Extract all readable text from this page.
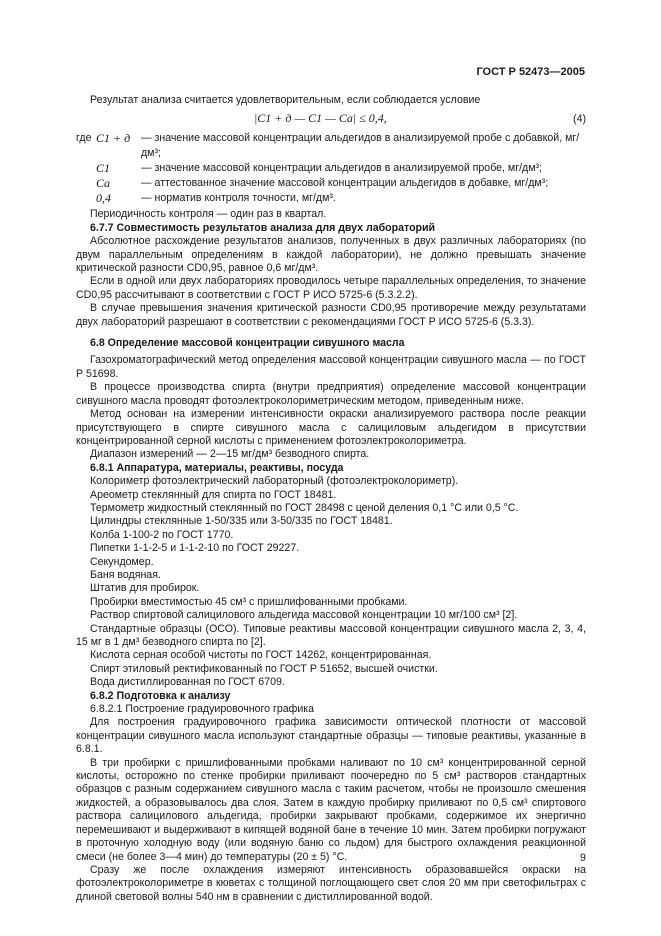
ГОСТ Р 52473—2005

Результат анализа считается удовлетворительным, если соблюдается условие

|C1 + д — C1 — Cа| ≤ 0,4,	(4)
где C1 + д	— значение массовой концентрации альдегидов в анализируемой пробе с добавкой, мг/дм³;
C1	— значение массовой концентрации альдегидов в анализируемой пробе, мг/дм³;
Cа	— аттестованное значение массовой концентрации альдегидов в добавке, мг/дм³;
0,4	— норматив контроля точности, мг/дм³.

Периодичность контроля — один раз в квартал.

6.7.7 Совместимость результатов анализа для двух лабораторий

Абсолютное расхождение результатов анализов, полученных в двух различных лабораториях (по двум параллельным определениям в каждой лаборатории), не должно превышать значение критической разности CD0,95, равное 0,6 мг/дм³.

Если в одной или двух лабораториях проводилось четыре параллельных определения, то значение CD0,95 рассчитывают в соответствии с ГОСТ Р ИСО 5725-6 (5.3.2.2).

В случае превышения значения критической разности CD0,95 противоречие между результатами двух лабораторий разрешают в соответствии с рекомендациями ГОСТ Р ИСО 5725-6 (5.3.3).

6.8 Определение массовой концентрации сивушного масла

Газохроматографический метод определения массовой концентрации сивушного масла — по ГОСТ Р 51698.

В процессе производства спирта (внутри предприятия) определение массовой концентрации сивушного масла проводят фотоэлектроколориметрическим методом, приведенным ниже.

Метод основан на измерении интенсивности окраски анализируемого раствора после реакции присутствующего в спирте сивушного масла с салициловым альдегидом в присутствии концентрированной серной кислоты с применением фотоэлектроколориметра.

Диапазон измерений — 2—15 мг/дм³ безводного спирта.

6.8.1 Аппаратура, материалы, реактивы, посуда

Колориметр фотоэлектрический лабораторный (фотоэлектроколориметр).

Ареометр стеклянный для спирта по ГОСТ 18481.

Термометр жидкостный стеклянный по ГОСТ 28498 с ценой деления 0,1 °С или 0,5 °С.

Цилиндры стеклянные 1-50/335 или 3-50/335 по ГОСТ 18481.

Колба 1-100-2 по ГОСТ 1770.

Пипетки 1-1-2-5 и 1-1-2-10 по ГОСТ 29227.

Секундомер.

Баня водяная.

Штатив для пробирок.

Пробирки вместимостью 45 см³ с пришлифованными пробками.

Раствор спиртовой салицилового альдегида массовой концентрации 10 мг/100 см³ [2].

Стандартные образцы (ОСО). Типовые реактивы массовой концентрации сивушного масла 2, 3, 4, 15 мг в 1 дм³ безводного спирта по [2].

Кислота серная особой чистоты по ГОСТ 14262, концентрированная.

Спирт этиловый ректификованный по ГОСТ Р 51652, высшей очистки.

Вода дистиллированная по ГОСТ 6709.

6.8.2 Подготовка к анализу

6.8.2.1 Построение градуировочного графика

Для построения градуировочного графика зависимости оптической плотности от массовой концентрации сивушного масла используют стандартные образцы — типовые реактивы, указанные в 6.8.1.

В три пробирки с пришлифованными пробками наливают по 10 см³ концентрированной серной кислоты, осторожно по стенке пробирки приливают поочередно по 5 см³ растворов стандартных образцов с разным содержанием сивушного масла с таким расчетом, чтобы не произошло смешения жидкостей, а образовывалось два слоя. Затем в каждую пробирку приливают по 0,5 см³ спиртового раствора салицилового альдегида, пробирки закрывают пробками, содержимое их энергично перемешивают и выдерживают в кипящей водяной бане в течение 10 мин. Затем пробирки погружают в проточную холодную воду (или водяную баню со льдом) для быстрого охлаждения реакционной смеси (не более 3—4 мин) до температуры (20 ± 5) °С.

Сразу же после охлаждения измеряют интенсивность образовавшейся окраски на фотоэлектроколориметре в кюветах с толщиной поглощающего свет слоя 20 мм при светофильтрах с длиной световой волны 540 нм в сравнении с дистиллированной водой.

9
